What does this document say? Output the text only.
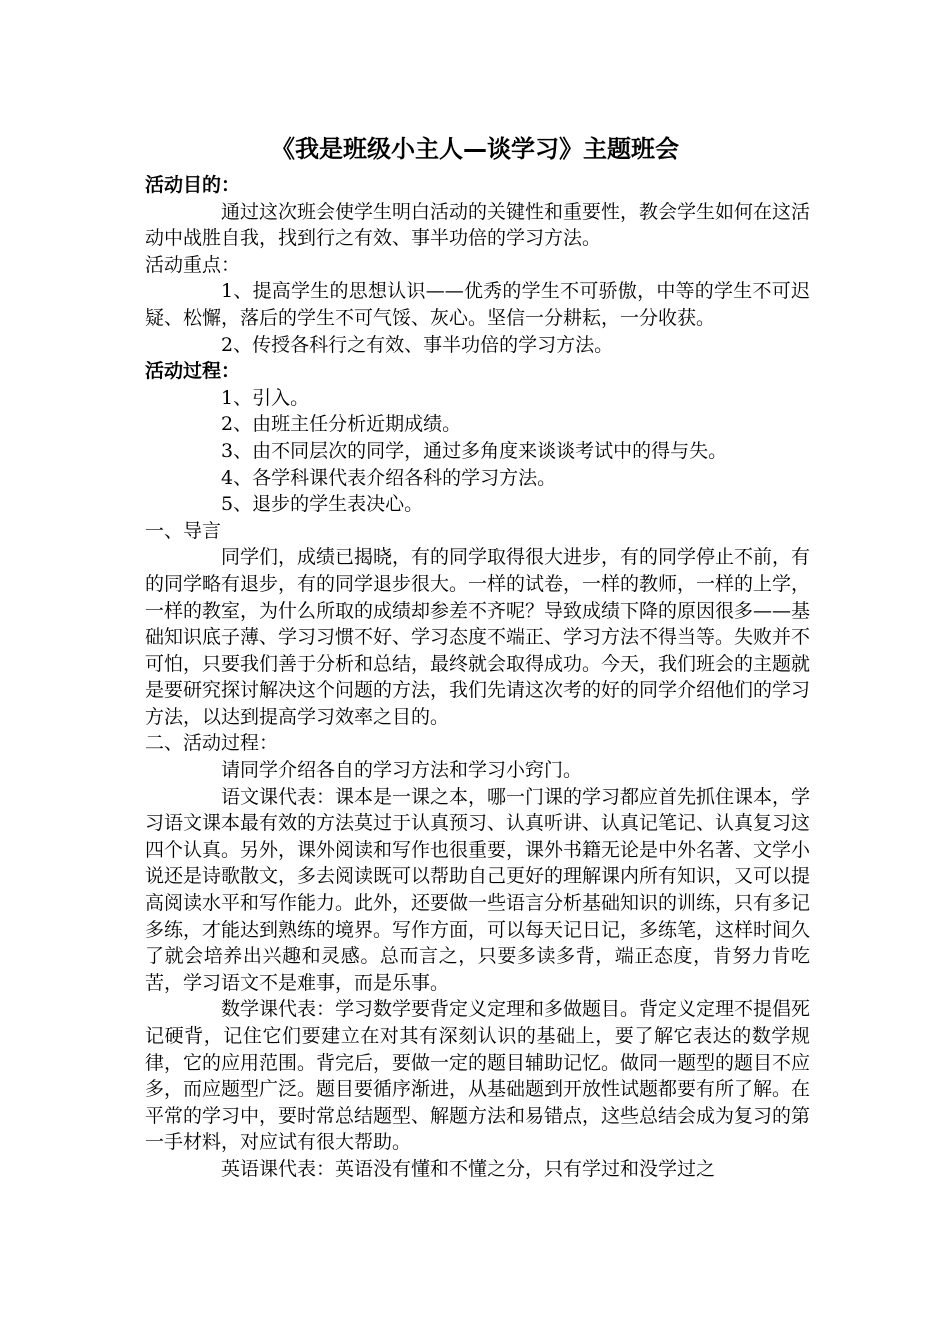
《我是班级小主人—谈学习》主题班会

活动目的：

通过这次班会使学生明白活动的关键性和重要性，教会学生如何在这活动中战胜自我，找到行之有效、事半功倍的学习方法。

活动重点：

1、提高学生的思想认识——优秀的学生不可骄傲，中等的学生不可迟疑、松懈，落后的学生不可气馁、灰心。坚信一分耕耘，一分收获。

2、传授各科行之有效、事半功倍的学习方法。

活动过程：

1、引入。

2、由班主任分析近期成绩。

3、由不同层次的同学，通过多角度来谈谈考试中的得与失。

4、各学科课代表介绍各科的学习方法。

5、退步的学生表决心。

一、导言

同学们，成绩已揭晓，有的同学取得很大进步，有的同学停止不前，有的同学略有退步，有的同学退步很大。一样的试卷，一样的教师，一样的上学，一样的教室，为什么所取的成绩却参差不齐呢？导致成绩下降的原因很多——基础知识底子薄、学习习惯不好、学习态度不端正、学习方法不得当等。失败并不可怕，只要我们善于分析和总结，最终就会取得成功。今天，我们班会的主题就是要研究探讨解决这个问题的方法，我们先请这次考的好的同学介绍他们的学习方法，以达到提高学习效率之目的。

二、活动过程：

请同学介绍各自的学习方法和学习小窍门。

语文课代表：课本是一课之本，哪一门课的学习都应首先抓住课本，学习语文课本最有效的方法莫过于认真预习、认真听讲、认真记笔记、认真复习这四个认真。另外，课外阅读和写作也很重要，课外书籍无论是中外名著、文学小说还是诗歌散文，多去阅读既可以帮助自己更好的理解课内所有知识，又可以提高阅读水平和写作能力。此外，还要做一些语言分析基础知识的训练，只有多记多练，才能达到熟练的境界。写作方面，可以每天记日记，多练笔，这样时间久了就会培养出兴趣和灵感。总而言之，只要多读多背，端正态度，肯努力肯吃苦，学习语文不是难事，而是乐事。

数学课代表：学习数学要背定义定理和多做题目。背定义定理不提倡死记硬背，记住它们要建立在对其有深刻认识的基础上，要了解它表达的数学规律，它的应用范围。背完后，要做一定的题目辅助记忆。做同一题型的题目不应多，而应题型广泛。题目要循序渐进，从基础题到开放性试题都要有所了解。在平常的学习中，要时常总结题型、解题方法和易错点，这些总结会成为复习的第一手材料，对应试有很大帮助。

英语课代表：英语没有懂和不懂之分，只有学过和没学过之
